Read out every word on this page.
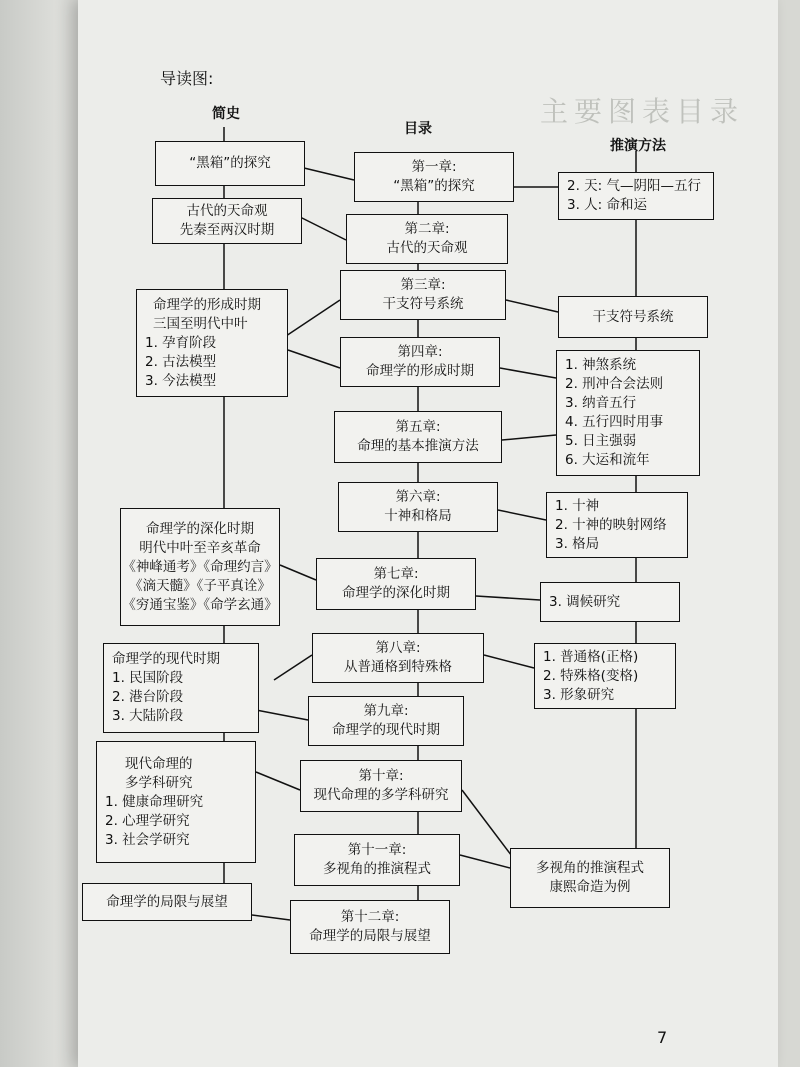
主要图表目录
导读图:
简史
目录
推演方法
“黑箱”的探究
古代的天命观
先秦至两汉时期
命理学的形成时期
三国至明代中叶
1. 孕育阶段
2. 古法模型
3. 今法模型
命理学的深化时期
明代中叶至辛亥革命
《神峰通考》《命理约言》
《滴天髓》《子平真诠》
《穷通宝鉴》《命学玄通》
命理学的现代时期
1. 民国阶段
2. 港台阶段
3. 大陆阶段
现代命理的
多学科研究
1. 健康命理研究
2. 心理学研究
3. 社会学研究
命理学的局限与展望
第一章:
“黑箱”的探究
第二章:
古代的天命观
第三章:
干支符号系统
第四章:
命理学的形成时期
第五章:
命理的基本推演方法
第六章:
十神和格局
第七章:
命理学的深化时期
第八章:
从普通格到特殊格
第九章:
命理学的现代时期
第十章:
现代命理的多学科研究
第十一章:
多视角的推演程式
第十二章:
命理学的局限与展望
2. 天: 气—阴阳—五行
3. 人: 命和运
干支符号系统
1. 神煞系统
2. 刑冲合会法则
3. 纳音五行
4. 五行四时用事
5. 日主强弱
6. 大运和流年
1. 十神
2. 十神的映射网络
3. 格局
3. 调候研究
1. 普通格(正格)
2. 特殊格(变格)
3. 形象研究
多视角的推演程式
康熙命造为例
7
